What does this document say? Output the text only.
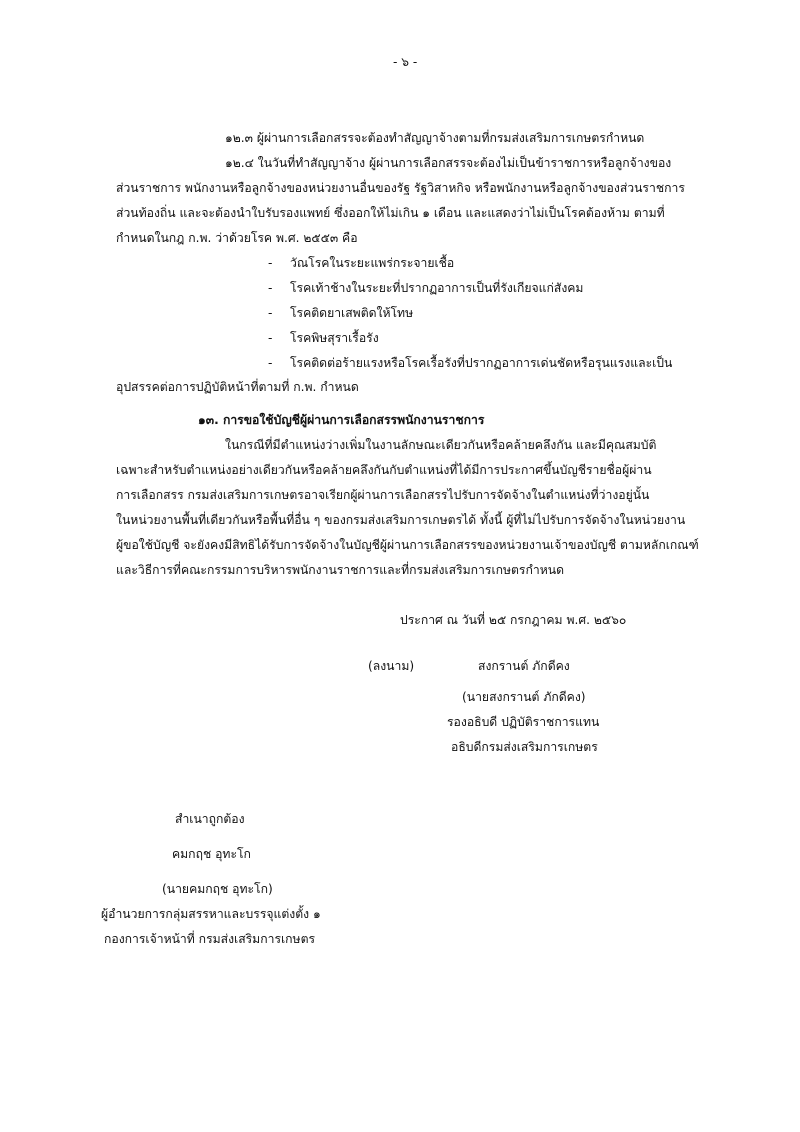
- ๖ -
๑๒.๓ ผู้ผ่านการเลือกสรรจะต้องทำสัญญาจ้างตามที่กรมส่งเสริมการเกษตรกำหนด
๑๒.๔ ในวันที่ทำสัญญาจ้าง ผู้ผ่านการเลือกสรรจะต้องไม่เป็นข้าราชการหรือลูกจ้างของ
ส่วนราชการ พนักงานหรือลูกจ้างของหน่วยงานอื่นของรัฐ รัฐวิสาหกิจ หรือพนักงานหรือลูกจ้างของส่วนราชการ
ส่วนท้องถิ่น และจะต้องนำใบรับรองแพทย์ ซึ่งออกให้ไม่เกิน ๑ เดือน และแสดงว่าไม่เป็นโรคต้องห้าม ตามที่
กำหนดในกฎ ก.พ. ว่าด้วยโรค พ.ศ. ๒๕๕๓ คือ
- วัณโรคในระยะแพร่กระจายเชื้อ
- โรคเท้าช้างในระยะที่ปรากฏอาการเป็นที่รังเกียจแก่สังคม
- โรคติดยาเสพติดให้โทษ
- โรคพิษสุราเรื้อรัง
- โรคติดต่อร้ายแรงหรือโรคเรื้อรังที่ปรากฏอาการเด่นชัดหรือรุนแรงและเป็น
อุปสรรคต่อการปฏิบัติหน้าที่ตามที่ ก.พ. กำหนด
๑๓. การขอใช้บัญชีผู้ผ่านการเลือกสรรพนักงานราชการ
ในกรณีที่มีตำแหน่งว่างเพิ่มในงานลักษณะเดียวกันหรือคล้ายคลึงกัน และมีคุณสมบัติ
เฉพาะสำหรับตำแหน่งอย่างเดียวกันหรือคล้ายคลึงกันกับตำแหน่งที่ได้มีการประกาศขึ้นบัญชีรายชื่อผู้ผ่าน
การเลือกสรร กรมส่งเสริมการเกษตรอาจเรียกผู้ผ่านการเลือกสรรไปรับการจัดจ้างในตำแหน่งที่ว่างอยู่นั้น
ในหน่วยงานพื้นที่เดียวกันหรือพื้นที่อื่น ๆ ของกรมส่งเสริมการเกษตรได้ ทั้งนี้ ผู้ที่ไม่ไปรับการจัดจ้างในหน่วยงาน
ผู้ขอใช้บัญชี จะยังคงมีสิทธิได้รับการจัดจ้างในบัญชีผู้ผ่านการเลือกสรรของหน่วยงานเจ้าของบัญชี ตามหลักเกณฑ์
และวิธีการที่คณะกรรมการบริหารพนักงานราชการและที่กรมส่งเสริมการเกษตรกำหนด
ประกาศ ณ วันที่ ๒๕ กรกฎาคม พ.ศ. ๒๕๖๐
(ลงนาม)	สงกรานต์ ภักดีคง
(นายสงกรานต์ ภักดีคง)
รองอธิบดี ปฏิบัติราชการแทน
อธิบดีกรมส่งเสริมการเกษตร
สำเนาถูกต้อง
คมกฤช อุทะโก
(นายคมกฤช อุทะโก)
ผู้อำนวยการกลุ่มสรรหาและบรรจุแต่งตั้ง ๑
กองการเจ้าหน้าที่ กรมส่งเสริมการเกษตร
